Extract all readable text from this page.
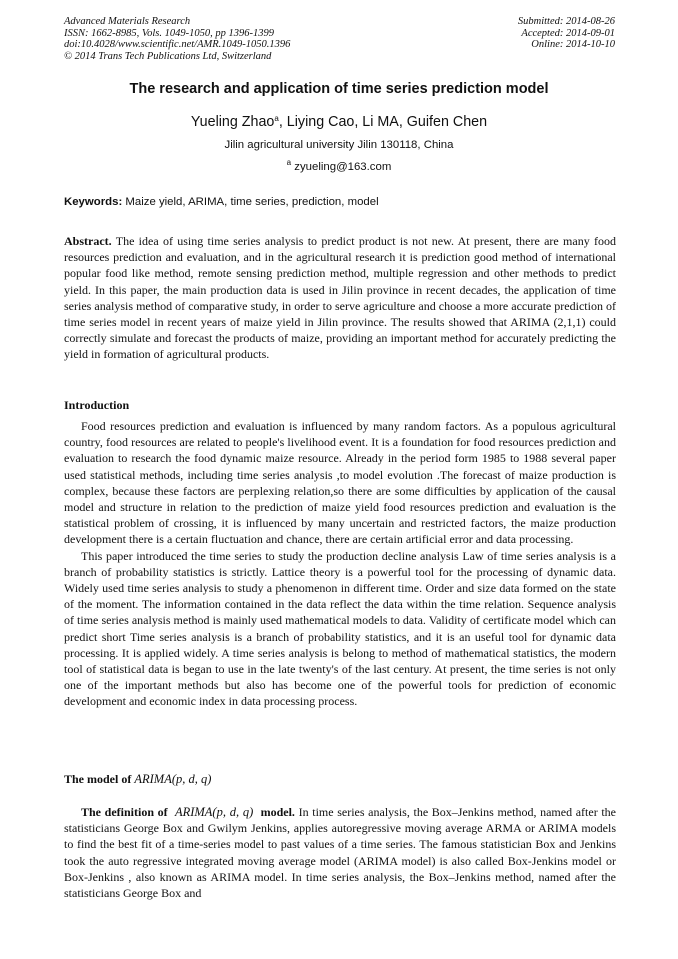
Advanced Materials Research
ISSN: 1662-8985, Vols. 1049-1050, pp 1396-1399
doi:10.4028/www.scientific.net/AMR.1049-1050.1396
© 2014 Trans Tech Publications Ltd, Switzerland
Submitted: 2014-08-26
Accepted: 2014-09-01
Online: 2014-10-10
The research and application of time series prediction model
Yueling Zhao$^a$, Liying Cao, Li MA, Guifen Chen
Jilin agricultural university Jilin 130118, China
$^a$ zyueling@163.com
Keywords: Maize yield, ARIMA, time series, prediction, model

Abstract. The idea of using time series analysis to predict product is not new. At present, there are many food resources prediction and evaluation, and in the agricultural research it is prediction good method of international popular food like method, remote sensing prediction method, multiple regression and other methods to predict yield. In this paper, the main production data is used in Jilin province in recent decades, the application of time series analysis method of comparative study, in order to serve agriculture and choose a more accurate prediction of time series model in recent years of maize yield in Jilin province. The results showed that ARIMA (2,1,1) could correctly simulate and forecast the products of maize, providing an important method for accurately predicting the yield in formation of agricultural products.

Introduction

Food resources prediction and evaluation is influenced by many random factors. As a populous agricultural country, food resources are related to people's livelihood event. It is a foundation for food resources prediction and evaluation to research the food dynamic maize resource. Already in the period form 1985 to 1988 several paper used statistical methods, including time series analysis ,to model evolution .The forecast of maize production is complex, because these factors are perplexing relation,so there are some difficulties by application of the causal model and structure in relation to the prediction of maize yield food resources prediction and evaluation is the statistical problem of crossing, it is influenced by many uncertain and restricted factors, the maize production development there is a certain fluctuation and chance, there are certain artificial error and data processing.

This paper introduced the time series to study the production decline analysis Law of time series analysis is a branch of probability statistics is strictly. Lattice theory is a powerful tool for the processing of dynamic data. Widely used time series analysis to study a phenomenon in different time. Order and size data formed on the state of the moment. The information contained in the data reflect the data within the time relation. Sequence analysis of time series analysis method is mainly used mathematical models to data. Validity of certificate model which can predict short Time series analysis is a branch of probability statistics, and it is an useful tool for dynamic data processing. It is applied widely. A time series analysis is belong to method of mathematical statistics, the modern tool of statistical data is began to use in the late twenty's of the last century. At present, the time series is not only one of the important methods but also has become one of the powerful tools for prediction of economic development and economic index in data processing process.

The model of ARIMA(p, d, q)

The definition of ARIMA(p, d, q) model. In time series analysis, the Box–Jenkins method, named after the statisticians George Box and Gwilym Jenkins, applies autoregressive moving average ARMA or ARIMA models to find the best fit of a time-series model to past values of a time series. The famous statistician Box and Jenkins took the auto regressive integrated moving average model (ARIMA model) is also called Box-Jenkins model or Box-Jenkins , also known as ARIMA model. In time series analysis, the Box–Jenkins method, named after the statisticians George Box and
